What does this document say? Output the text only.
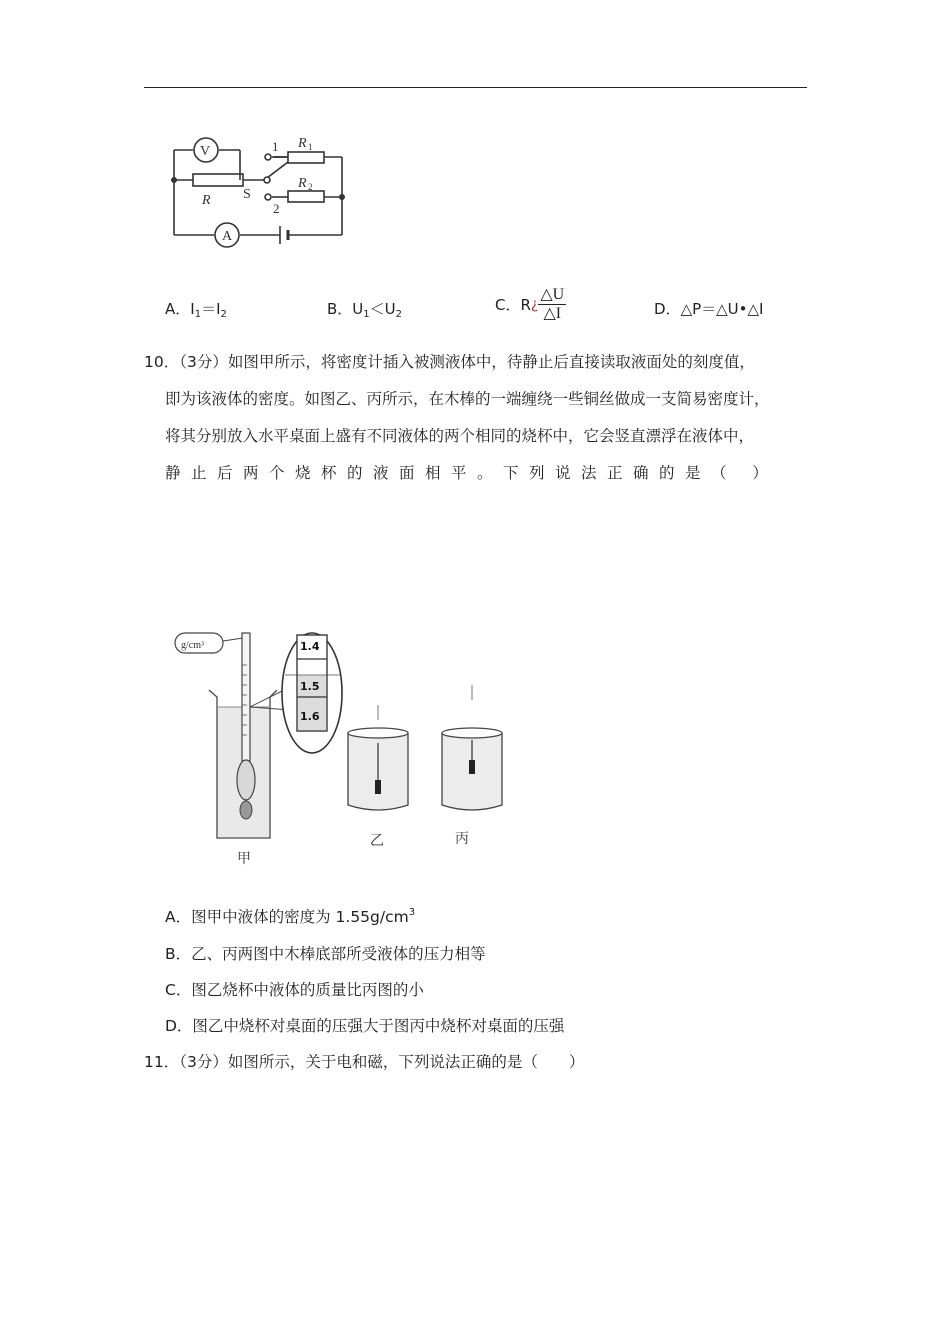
V
A
R
R 1
R 2
S
1
2
A．$I_1=I_2$	B．$U_1<U_2$
C．R¿ $\frac{\triangle U}{\triangle I}$	D．△P＝△U•△I
10．（3分）如图甲所示，将密度计插入被测液体中，待静止后直接读取液面处的刻度值，
即为该液体的密度。如图乙、丙所示，在木棒的一端缠绕一些铜丝做成一支简易密度计，
将其分别放入水平桌面上盛有不同液体的两个相同的烧杯中，它会竖直漂浮在液体中，
静止后两个烧杯的液面相平。下列说法正确的是（ ）
g/cm³
甲
1.4
1.5
1.6
乙	丙
A．图甲中液体的密度为 $1.55g/cm^3$
B．乙、丙两图中木棒底部所受液体的压力相等
C．图乙烧杯中液体的质量比丙图的小
D．图乙中烧杯对桌面的压强大于图丙中烧杯对桌面的压强
11．（3分）如图所示，关于电和磁，下列说法正确的是（　　）
